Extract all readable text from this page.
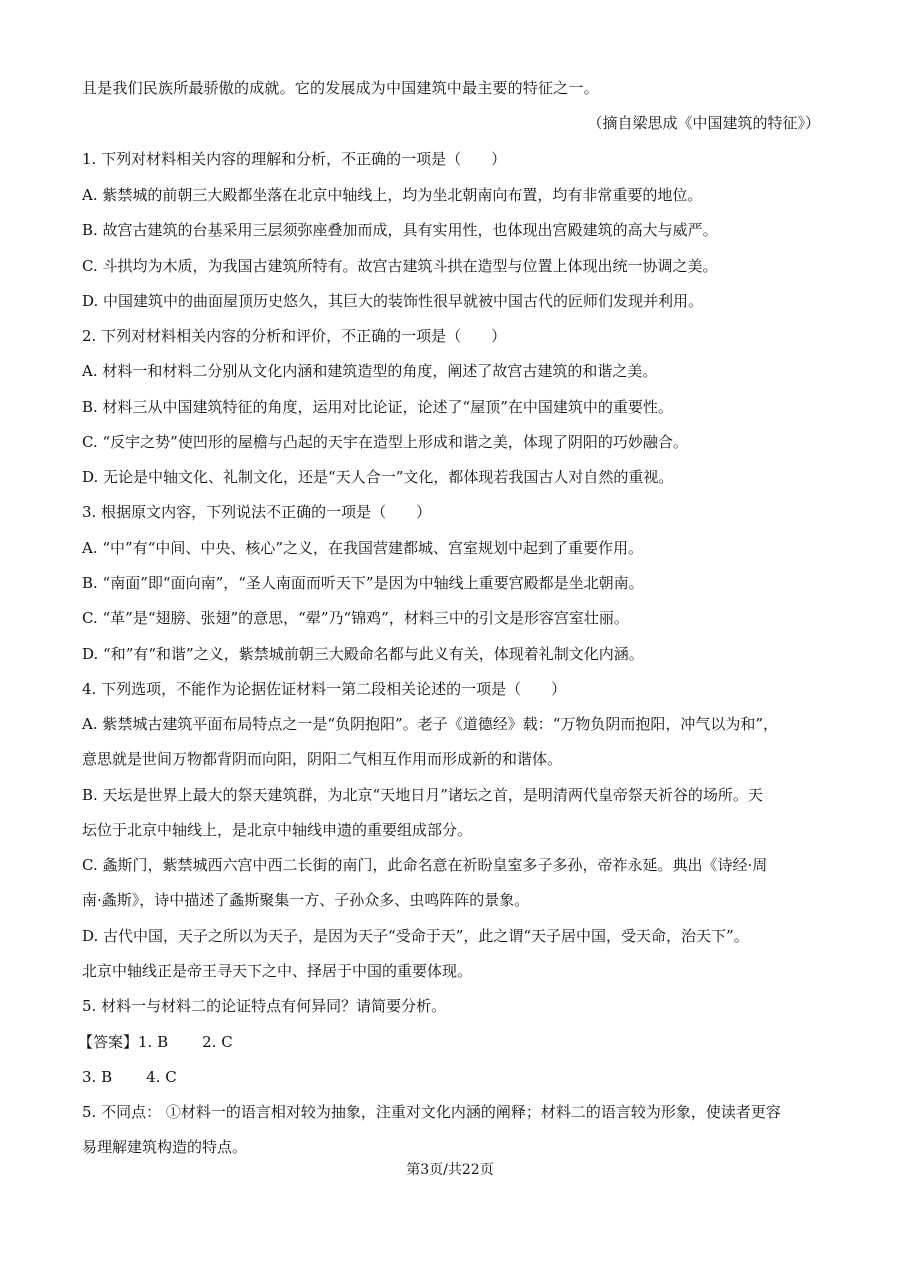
且是我们民族所最骄傲的成就。它的发展成为中国建筑中最主要的特征之一。
（摘自梁思成《中国建筑的特征》）
1. 下列对材料相关内容的理解和分析，不正确的一项是（　　）
A. 紫禁城的前朝三大殿都坐落在北京中轴线上，均为坐北朝南向布置，均有非常重要的地位。
B. 故宫古建筑的台基采用三层须弥座叠加而成，具有实用性，也体现出宫殿建筑的高大与威严。
C. 斗拱均为木质，为我国古建筑所特有。故宫古建筑斗拱在造型与位置上体现出统一协调之美。
D. 中国建筑中的曲面屋顶历史悠久，其巨大的装饰性很早就被中国古代的匠师们发现并利用。
2. 下列对材料相关内容的分析和评价，不正确的一项是（　　）
A. 材料一和材料二分别从文化内涵和建筑造型的角度，阐述了故宫古建筑的和谐之美。
B. 材料三从中国建筑特征的角度，运用对比论证，论述了“屋顶”在中国建筑中的重要性。
C. “反宇之势”使凹形的屋檐与凸起的天宇在造型上形成和谐之美，体现了阴阳的巧妙融合。
D. 无论是中轴文化、礼制文化，还是“天人合一”文化，都体现若我国古人对自然的重视。
3. 根据原文内容，下列说法不正确的一项是（　　）
A. “中”有“中间、中央、核心”之义，在我国营建都城、宫室规划中起到了重要作用。
B. “南面”即“面向南”，“圣人南面而听天下”是因为中轴线上重要宫殿都是坐北朝南。
C. “革”是“翅膀、张翅”的意思，“翚”乃“锦鸡”，材料三中的引文是形容宫室壮丽。
D. “和”有“和谐”之义，紫禁城前朝三大殿命名都与此义有关，体现着礼制文化内涵。
4. 下列选项，不能作为论据佐证材料一第二段相关论述的一项是（　　）
A. 紫禁城古建筑平面布局特点之一是“负阴抱阳”。老子《道德经》载：“万物负阴而抱阳，冲气以为和”，
意思就是世间万物都背阴而向阳，阴阳二气相互作用而形成新的和谐体。
B. 天坛是世界上最大的祭天建筑群，为北京“天地日月”诸坛之首，是明清两代皇帝祭天祈谷的场所。天
坛位于北京中轴线上，是北京中轴线申遗的重要组成部分。
C. 螽斯门，紫禁城西六宫中西二长街的南门，此命名意在祈盼皇室多子多孙，帝祚永延。典出《诗经·周
南·螽斯》，诗中描述了螽斯聚集一方、子孙众多、虫鸣阵阵的景象。
D. 古代中国，天子之所以为天子，是因为天子“受命于天”，此之谓“天子居中国，受天命，治天下”。
北京中轴线正是帝王寻天下之中、择居于中国的重要体现。
5. 材料一与材料二的论证特点有何异同？请简要分析。
【答案】1. B 2. C
3. B 4. C
5. 不同点： ①材料一的语言相对较为抽象，注重对文化内涵的阐释；材料二的语言较为形象，使读者更容
易理解建筑构造的特点。
第3页/共22页
